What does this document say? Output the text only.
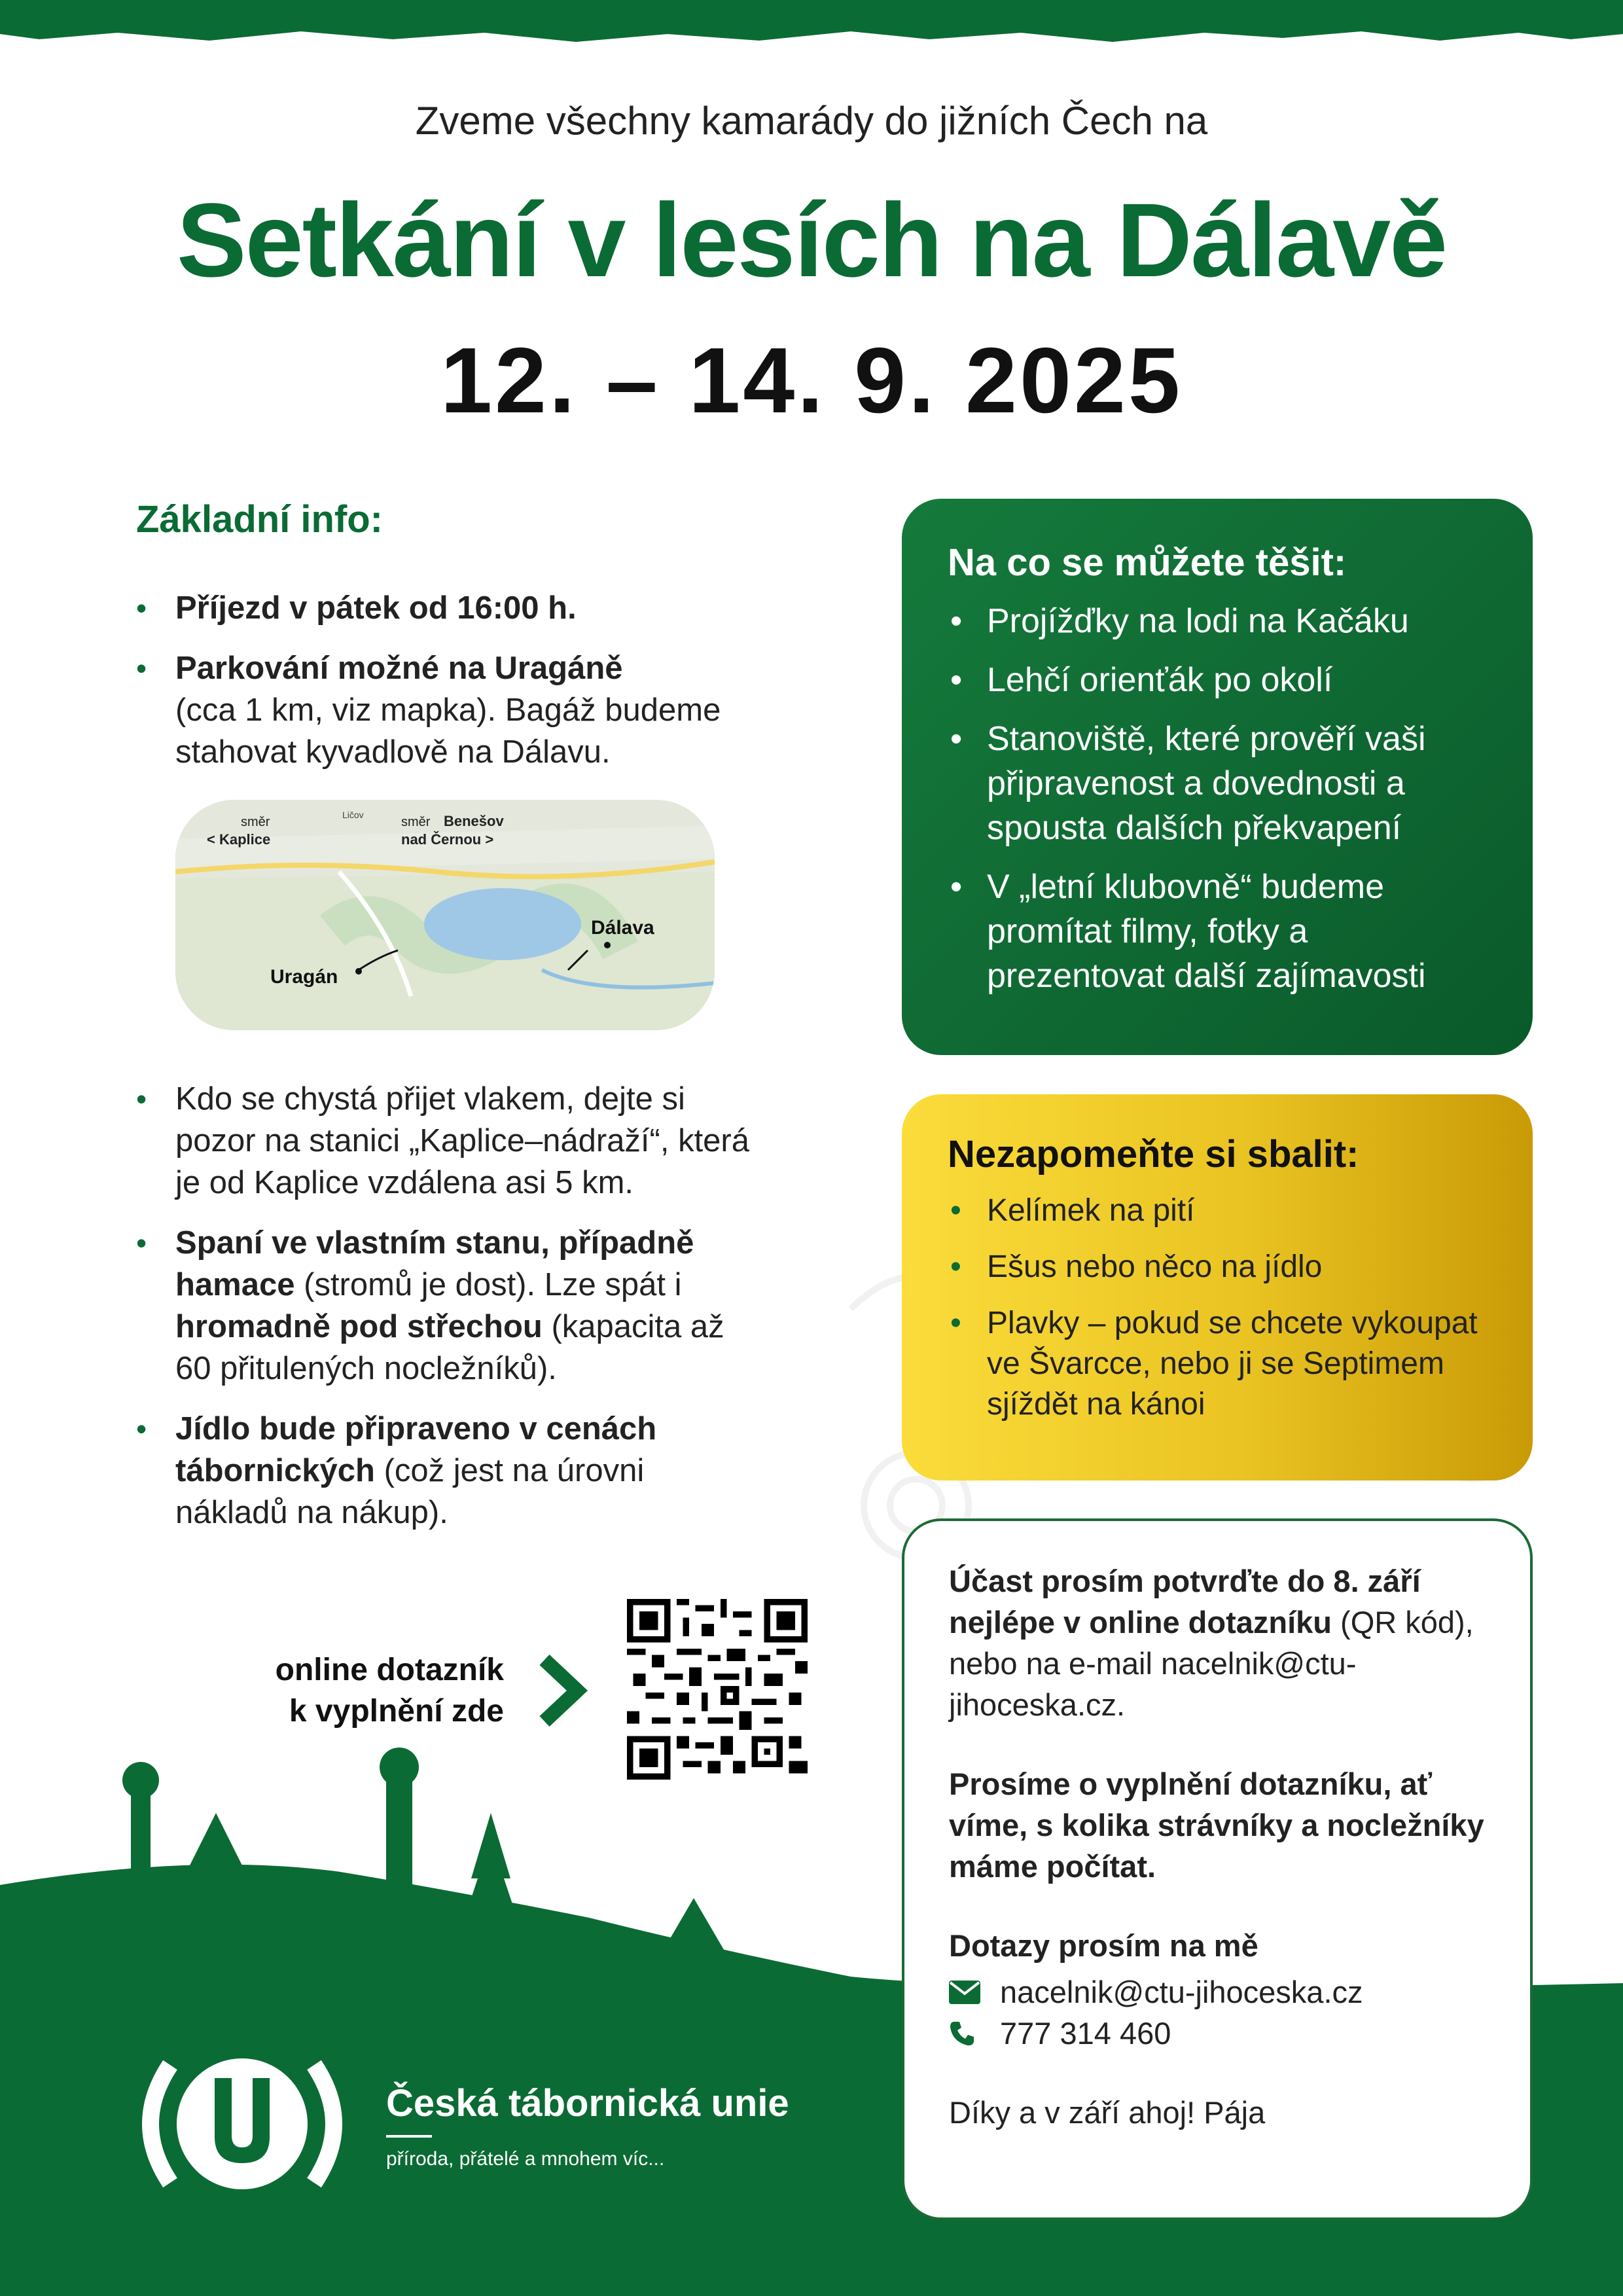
Zveme všechny kamarády do jižních Čech na
Setkání v lesích na Dálavě
12. – 14. 9. 2025
Základní info:
• Příjezd v pátek od 16:00 h.
• Parkování možné na Uragáně
(cca 1 km, viz mapka). Bagáž budeme stahovat kyvadlově na Dálavu.
• Kdo se chystá přijet vlakem, dejte si pozor na stanici „Kaplice–nádraží“, která je od Kaplice vzdálena asi 5 km.
• Spaní ve vlastním stanu, případně hamace (stromů je dost). Lze spát i hromadně pod střechou (kapacita až 60 přitulených nocležníků).
• Jídlo bude připraveno v cenách tábornických (což jest na úrovni nákladů na nákup).
směr
< Kaplice
Ličov	směr Benešov
nad Černou >
Uragán
Dálava
Na co se můžete těšit:
• Projížďky na lodi na Kačáku
• Lehčí orienťák po okolí
• Stanoviště, které prověří vaši připravenost a dovednosti a spousta dalších překvapení
• V „letní klubovně“ budeme promítat filmy, fotky a prezentovat další zajímavosti
Nezapomeňte si sbalit:
• Kelímek na pití
• Ešus nebo něco na jídlo
• Plavky – pokud se chcete vykoupat ve Švarcce, nebo ji se Septimem sjíždět na kánoi
online dotazník
k vyplnění zde

Účast prosím potvrďte do 8. září nejlépe v online dotazníku (QR kód), nebo na e-mail nacelnik@ctu-jihoceska.cz.

Prosíme o vyplnění dotazníku, ať víme, s kolika strávníky a nocležníky máme počítat.

Dotazy prosím na mě

nacelnik@ctu-jihoceska.cz
777 314 460

Díky a v září ahoj! Pája

Česká tábornická unie
příroda, přátelé a mnohem víc...
